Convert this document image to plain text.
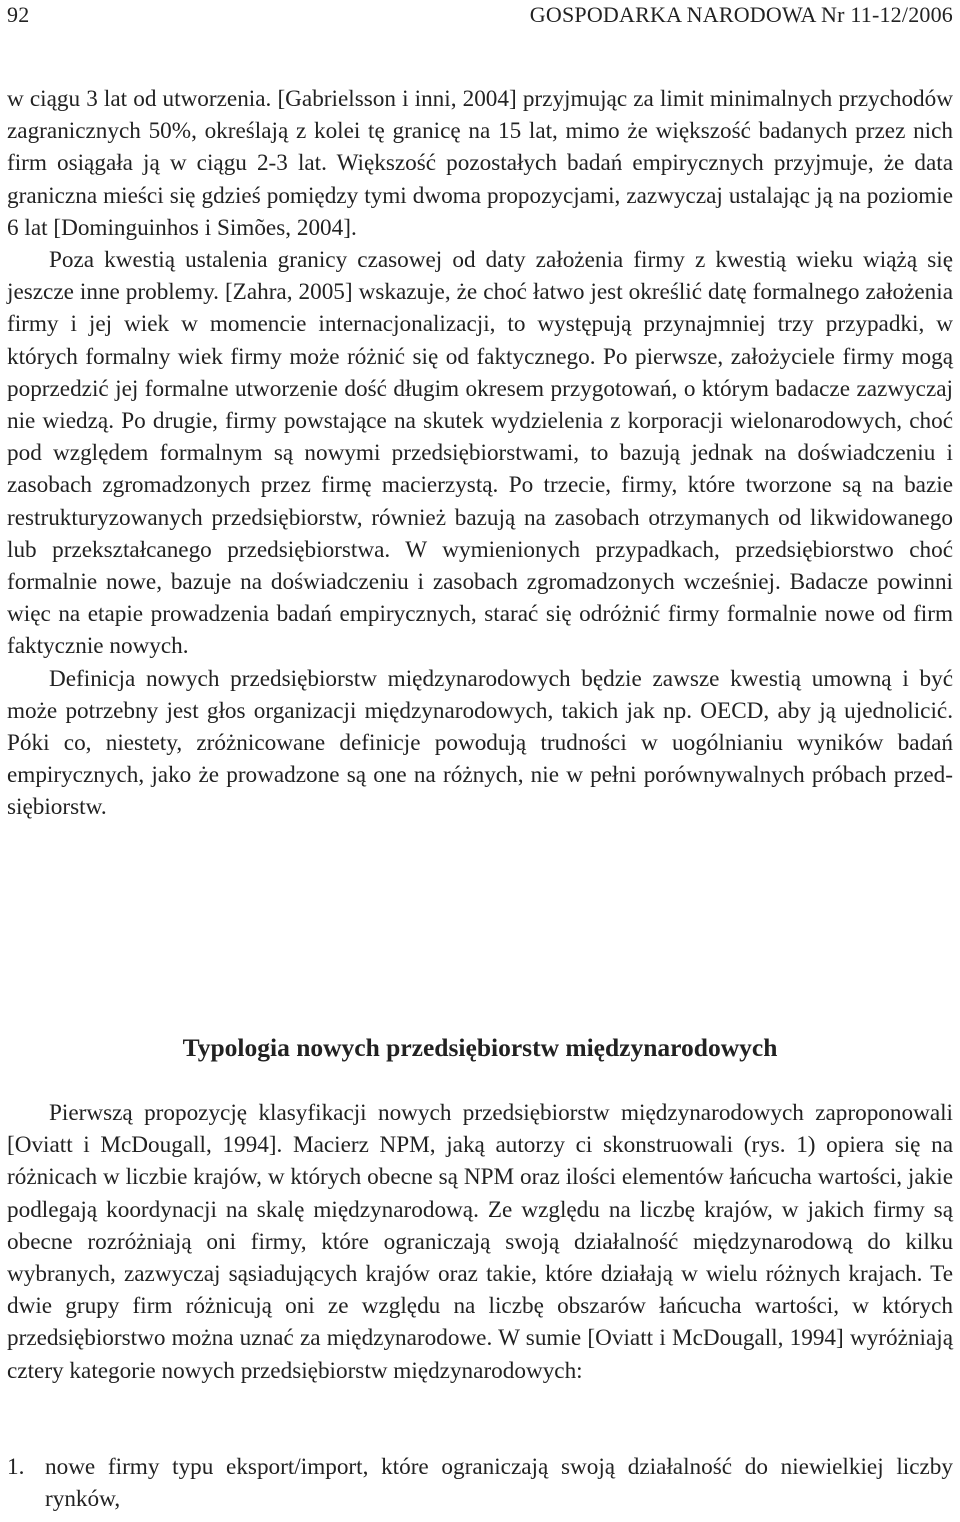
92	GOSPODARKA NARODOWA Nr 11-12/2006

w ciągu 3 lat od utworzenia. [Gabrielsson i inni, 2004] przyjmując za limit minimalnych przychodów zagranicznych 50%, określają z kolei tę granicę na 15 lat, mimo że większość badanych przez nich firm osiągała ją w ciągu 2-3 lat. Większość pozostałych badań empirycznych przyjmuje, że data graniczna mieści się gdzieś pomiędzy tymi dwoma propozycjami, zazwyczaj ustalając ją na poziomie 6 lat [Dominguinhos i Simões, 2004].

Poza kwestią ustalenia granicy czasowej od daty założenia firmy z kwestią wieku wiążą się jeszcze inne problemy. [Zahra, 2005] wskazuje, że choć łatwo jest określić datę formalnego założenia firmy i jej wiek w momencie internacjonalizacji, to występują przynajmniej trzy przypadki, w których formalny wiek firmy może różnić się od faktycznego. Po pierwsze, założyciele firmy mogą poprzedzić jej formalne utworzenie dość długim okresem przygotowań, o którym badacze zazwyczaj nie wiedzą. Po drugie, firmy powstające na skutek wydzielenia z korporacji wielonarodowych, choć pod względem formalnym są nowymi przedsiębiorstwami, to bazują jednak na doświadczeniu i zasobach zgromadzonych przez firmę macierzystą. Po trzecie, firmy, które tworzone są na bazie restrukturyzowanych przedsiębiorstw, również bazują na zasobach otrzymanych od likwidowanego lub przekształcanego przedsiębiorstwa. W wymienionych przypadkach, przedsiębiorstwo choć formalnie nowe, bazuje na doświadczeniu i zasobach zgromadzonych wcześniej. Badacze powinni więc na etapie prowadzenia badań empirycznych, starać się odróżnić firmy formalnie nowe od firm faktycznie nowych.

Definicja nowych przedsiębiorstw międzynarodowych będzie zawsze kwestią umowną i być może potrzebny jest głos organizacji międzynarodowych, takich jak np. OECD, aby ją ujednolicić. Póki co, niestety, zróżnicowane definicje powodują trudności w uogólnianiu wyników badań empirycznych, jako że prowadzone są one na różnych, nie w pełni porównywalnych próbach przedsiębiorstw.

Typologia nowych przedsiębiorstw międzynarodowych

Pierwszą propozycję klasyfikacji nowych przedsiębiorstw międzynarodowych zaproponowali [Oviatt i McDougall, 1994]. Macierz NPM, jaką autorzy ci skonstruowali (rys. 1) opiera się na różnicach w liczbie krajów, w których obecne są NPM oraz ilości elementów łańcucha wartości, jakie podlegają koordynacji na skalę międzynarodową. Ze względu na liczbę krajów, w jakich firmy są obecne rozróżniają oni firmy, które ograniczają swoją działalność międzynarodową do kilku wybranych, zazwyczaj sąsiadujących krajów oraz takie, które działają w wielu różnych krajach. Te dwie grupy firm różnicują oni ze względu na liczbę obszarów łańcucha wartości, w których przedsiębiorstwo można uznać za międzynarodowe. W sumie [Oviatt i McDougall, 1994] wyróżniają cztery kategorie nowych przedsiębiorstw międzynarodowych:

1. nowe firmy typu eksport/import, które ograniczają swoją działalność do niewielkiej liczby rynków,
